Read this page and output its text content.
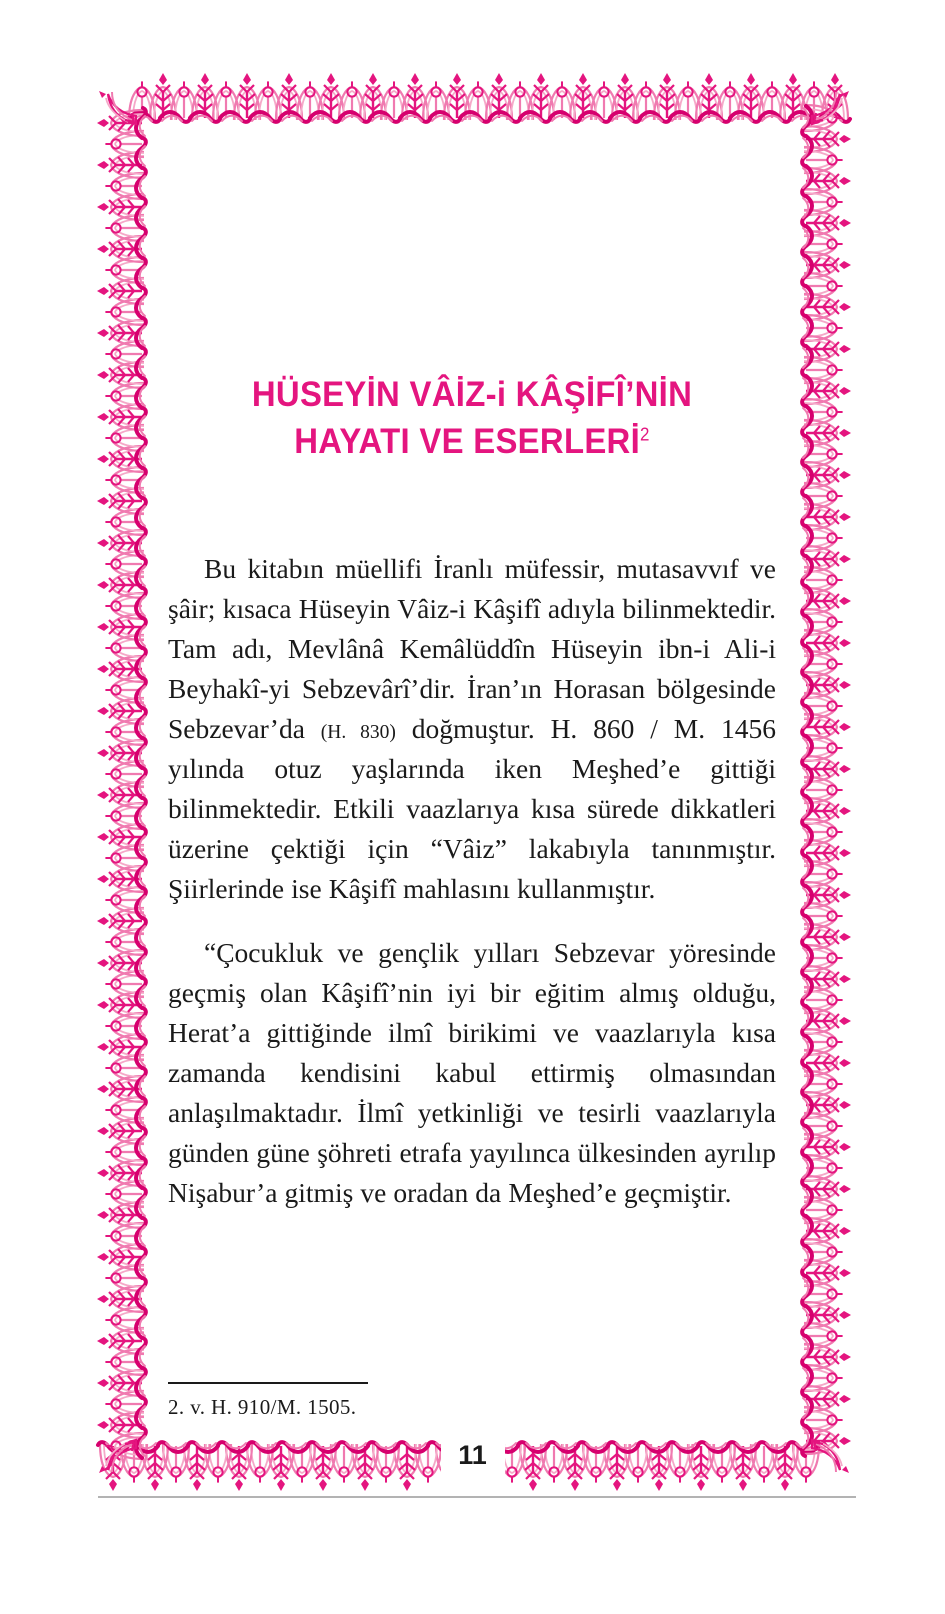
11
HÜSEYİN VÂİZ-i KÂŞİFÎ’NİN
HAYATI VE ESERLERİ$^2$

Bu kitabın müellifi İranlı müfessir, mutasavvıf ve şâir; kısaca Hüseyin Vâiz-i Kâşifî adıyla bilinmektedir. Tam adı, Mevlânâ Kemâlüddîn Hüseyin ibn-i Ali-i Beyhakî-yi Sebzevârî’dir. İran’ın Horasan bölgesinde Sebzevar’da (H. 830) doğmuştur. H. 860 / M. 1456 yılında otuz yaşlarında iken Meşhed’e gittiği bilinmektedir. Etkili vaazlarıya kısa sürede dikkatleri üzerine çektiği için “Vâiz” lakabıyla tanınmıştır. Şiirlerinde ise Kâşifî mahlasını kullanmıştır.

“Çocukluk ve gençlik yılları Sebzevar yöresinde geçmiş olan Kâşifî’nin iyi bir eğitim almış olduğu, Herat’a gittiğinde ilmî birikimi ve vaazlarıyla kısa zamanda kendisini kabul ettirmiş olmasından anlaşılmaktadır. İlmî yetkinliği ve tesirli vaazlarıyla günden güne şöhreti etrafa yayılınca ülkesinden ayrılıp Nişabur’a gitmiş ve oradan da Meşhed’e geçmiştir.

2. v. H. 910/M. 1505.
